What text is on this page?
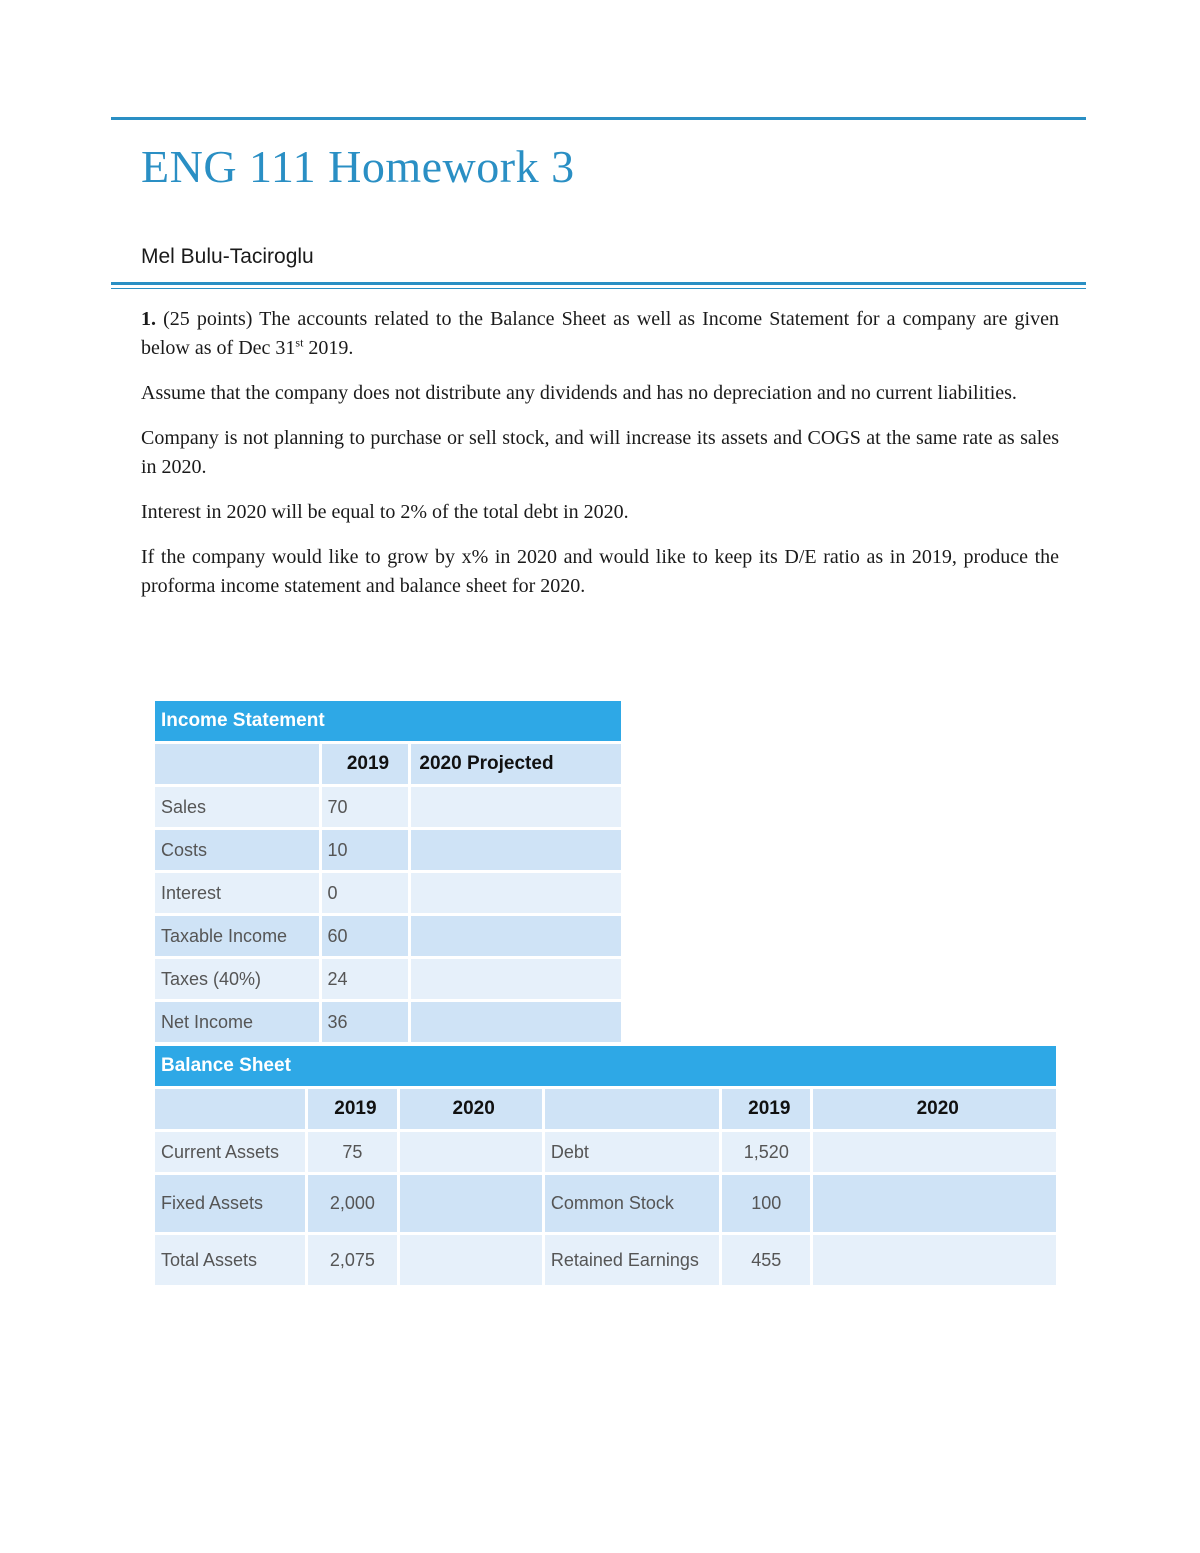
ENG 111 Homework 3
Mel Bulu-Taciroglu

1. (25 points) The accounts related to the Balance Sheet as well as Income Statement for a company are given below as of Dec 31st 2019.

Assume that the company does not distribute any dividends and has no depreciation and no current liabilities.

Company is not planning to purchase or sell stock, and will increase its assets and COGS at the same rate as sales in 2020.

Interest in 2020 will be equal to 2% of the total debt in 2020.

If the company would like to grow by x% in 2020 and would like to keep its D/E ratio as in 2019, produce the proforma income statement and balance sheet for 2020.

Income Statement		
	2019	2020 Projected
Sales	70	
Costs	10	
Interest	0	
Taxable Income	60	
Taxes (40%)	24	
Net Income	36	
Balance Sheet					
	2019	2020		2019	2020
Current Assets	75		Debt	1,520	
Fixed Assets	2,000		Common Stock	100	
Total Assets	2,075		Retained Earnings	455	
